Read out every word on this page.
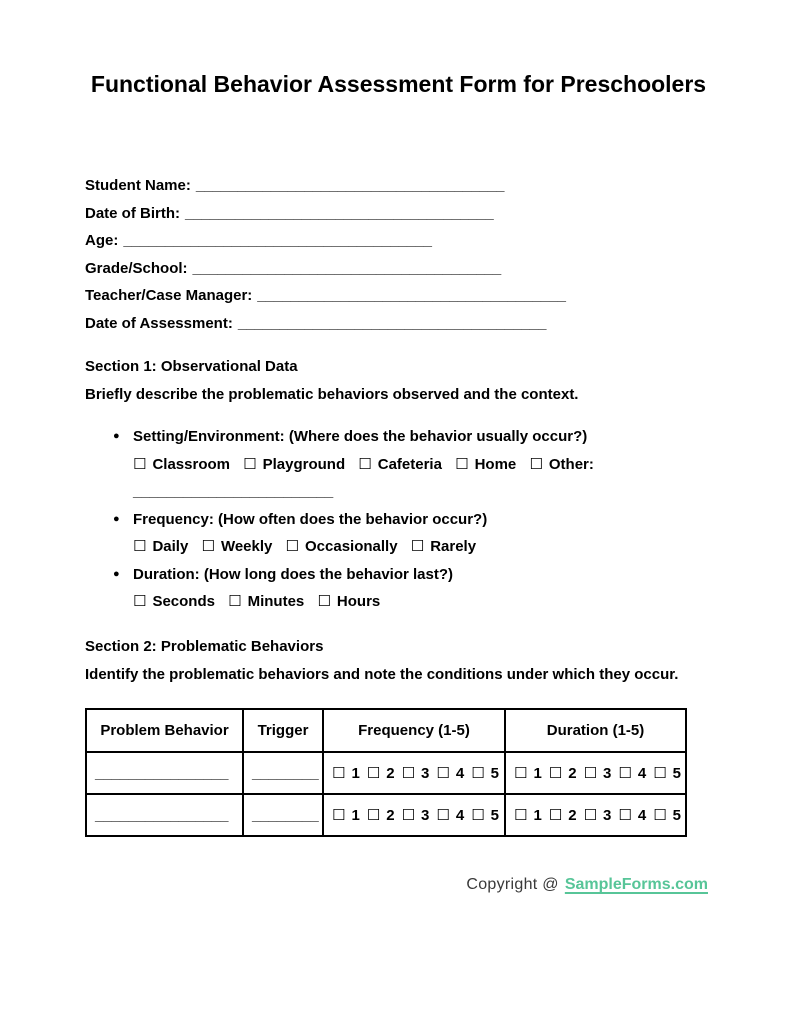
Functional Behavior Assessment Form for Preschoolers
Student Name: _____________________________________
Date of Birth: _____________________________________
Age: _____________________________________
Grade/School: _____________________________________
Teacher/Case Manager: _____________________________________
Date of Assessment: _____________________________________
Section 1: Observational Data
Briefly describe the problematic behaviors observed and the context.
● Setting/Environment: (Where does the behavior usually occur?)
☐ Classroom ☐ Playground ☐ Cafeteria ☐ Home ☐ Other:
________________________
● Frequency: (How often does the behavior occur?)
☐ Daily ☐ Weekly ☐ Occasionally ☐ Rarely
● Duration: (How long does the behavior last?)
☐ Seconds ☐ Minutes ☐ Hours
Section 2: Problematic Behaviors
Identify the problematic behaviors and note the conditions under which they occur.
Problem Behavior	Trigger	Frequency (1-5)	Duration (1-5)
________________	________	☐ 1 ☐ 2 ☐ 3 ☐ 4 ☐ 5	☐ 1 ☐ 2 ☐ 3 ☐ 4 ☐ 5
________________	________	☐ 1 ☐ 2 ☐ 3 ☐ 4 ☐ 5	☐ 1 ☐ 2 ☐ 3 ☐ 4 ☐ 5
Copyright @ SampleForms.com
